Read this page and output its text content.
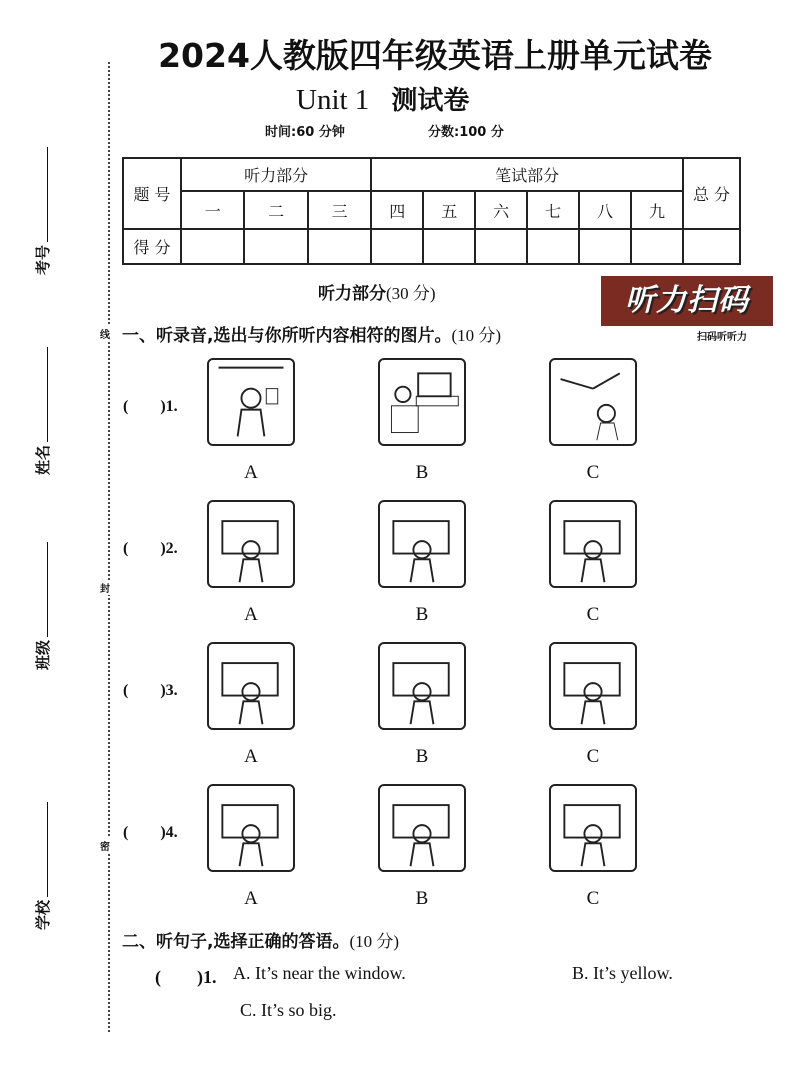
2024人教版四年级英语上册单元试卷
Unit 1 测试卷
时间:60 分钟	分数:100 分
题 号	听力部分			笔试部分						总 分
	一	二	三	四	五	六	七	八	九	
得 分										
听力部分(30 分)	听力扫码
扫码听听力
线
封
密
考号
姓名
班级
学校
一、听录音,选出与你所听内容相符的图片。(10 分)
(　　)1.
A	B	C
(　　)2.
A	B	C
(　　)3.
A	B	C
(　　)4.
A	B	C
二、听句子,选择正确的答语。(10 分)
(　　)1. A. It’s near the window.	B. It’s yellow.
C. It’s so big.
